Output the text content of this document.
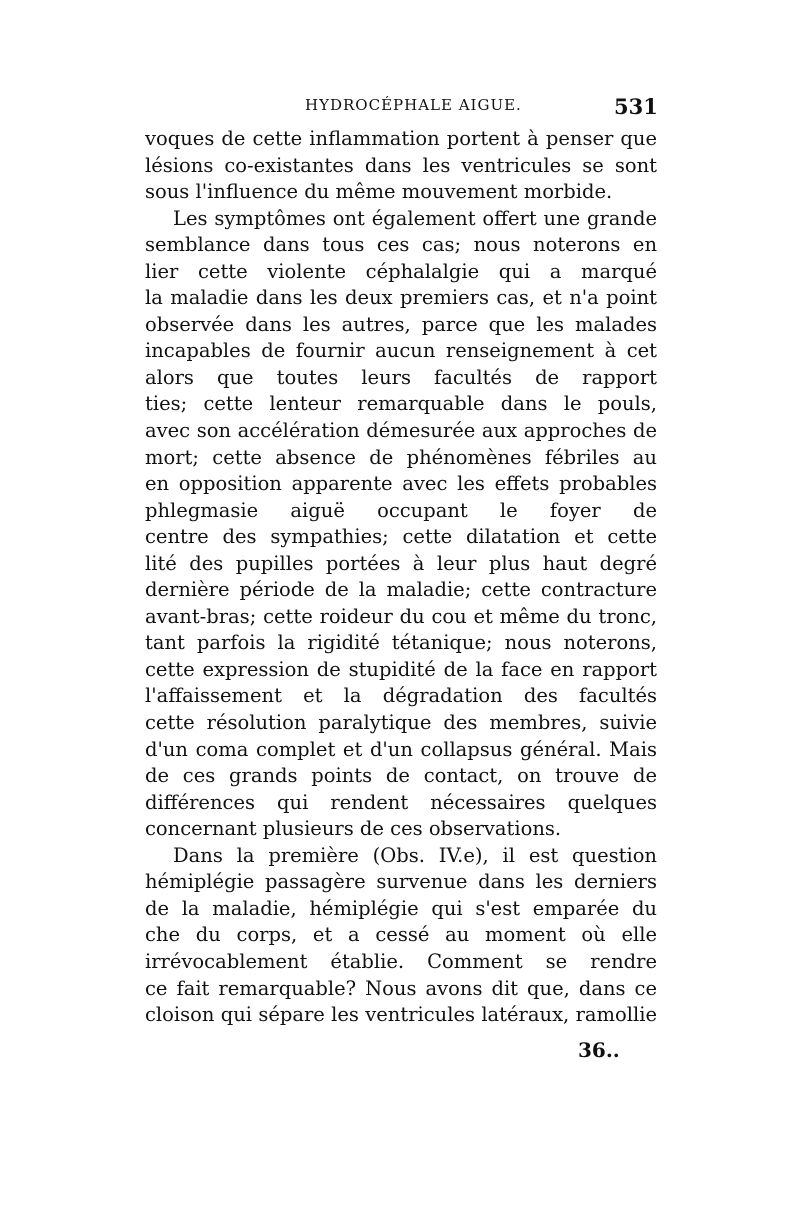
HYDROCÉPHALE AIGUE.	531
voques de cette inflammation portent à penser que
lésions co-existantes dans les ventricules se sont
sous l'influence du même mouvement morbide.
Les symptômes ont également offert une grande
semblance dans tous ces cas; nous noterons en
lier cette violente céphalalgie qui a marqué
la maladie dans les deux premiers cas, et n'a point
observée dans les autres, parce que les malades
incapables de fournir aucun renseignement à cet
alors que toutes leurs facultés de rapport
ties; cette lenteur remarquable dans le pouls,
avec son accélération démesurée aux approches de
mort; cette absence de phénomènes fébriles au
en opposition apparente avec les effets probables
phlegmasie aiguë occupant le foyer de
centre des sympathies; cette dilatation et cette
lité des pupilles portées à leur plus haut degré
dernière période de la maladie; cette contracture
avant-bras; cette roideur du cou et même du tronc,
tant parfois la rigidité tétanique; nous noterons,
cette expression de stupidité de la face en rapport
l'affaissement et la dégradation des facultés
cette résolution paralytique des membres, suivie
d'un coma complet et d'un collapsus général. Mais
de ces grands points de contact, on trouve de
différences qui rendent nécessaires quelques
concernant plusieurs de ces observations.
Dans la première (Obs. IV.e), il est question
hémiplégie passagère survenue dans les derniers
de la maladie, hémiplégie qui s'est emparée du
che du corps, et a cessé au moment où elle
irrévocablement établie. Comment se rendre
ce fait remarquable? Nous avons dit que, dans ce
cloison qui sépare les ventricules latéraux, ramollie
36..
